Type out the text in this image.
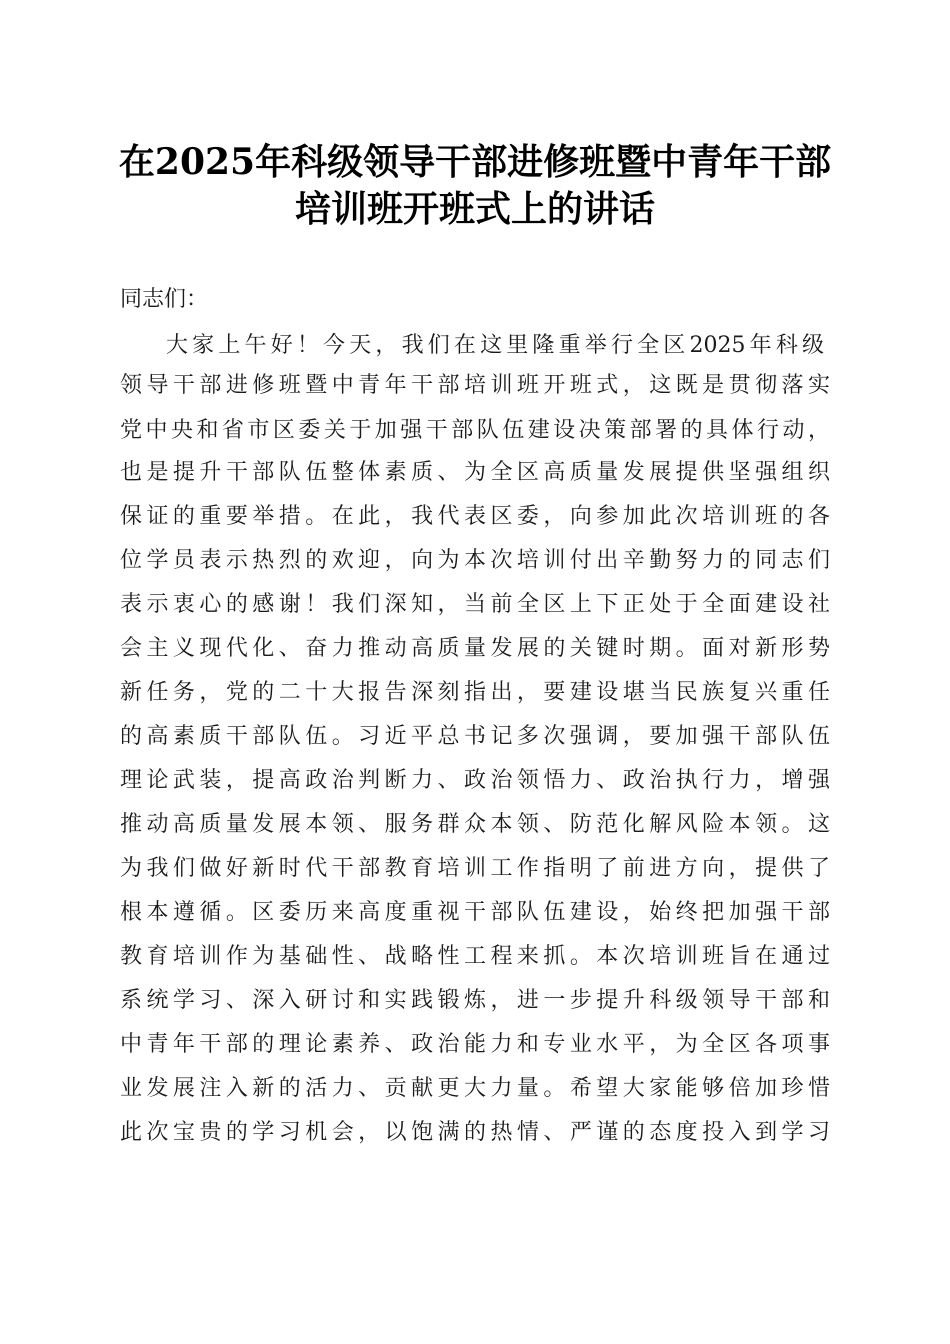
在2025年科级领导干部进修班暨中青年干部
培训班开班式上的讲话

同志们：

大家上午好！今天，我们在这里隆重举行全区2025年科级

领导干部进修班暨中青年干部培训班开班式，这既是贯彻落实

党中央和省市区委关于加强干部队伍建设决策部署的具体行动，

也是提升干部队伍整体素质、为全区高质量发展提供坚强组织

保证的重要举措。在此，我代表区委，向参加此次培训班的各

位学员表示热烈的欢迎，向为本次培训付出辛勤努力的同志们

表示衷心的感谢！我们深知，当前全区上下正处于全面建设社

会主义现代化、奋力推动高质量发展的关键时期。面对新形势

新任务，党的二十大报告深刻指出，要建设堪当民族复兴重任

的高素质干部队伍。习近平总书记多次强调，要加强干部队伍

理论武装，提高政治判断力、政治领悟力、政治执行力，增强

推动高质量发展本领、服务群众本领、防范化解风险本领。这

为我们做好新时代干部教育培训工作指明了前进方向，提供了

根本遵循。区委历来高度重视干部队伍建设，始终把加强干部

教育培训作为基础性、战略性工程来抓。本次培训班旨在通过

系统学习、深入研讨和实践锻炼，进一步提升科级领导干部和

中青年干部的理论素养、政治能力和专业水平，为全区各项事

业发展注入新的活力、贡献更大力量。希望大家能够倍加珍惜

此次宝贵的学习机会，以饱满的热情、严谨的态度投入到学习
